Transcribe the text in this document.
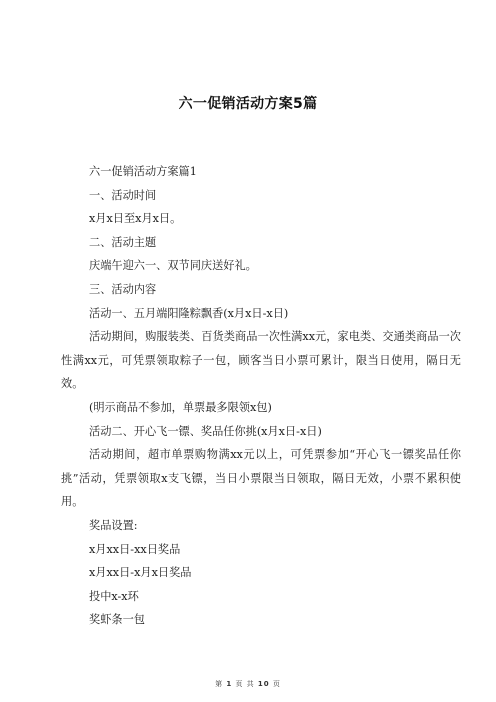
六一促销活动方案5篇

六一促销活动方案篇1

一、活动时间

x月x日至x月x日。

二、活动主题

庆端午迎六一、双节同庆送好礼。

三、活动内容

活动一、五月端阳隆粽飘香(x月x日-x日)

活动期间，购服装类、百货类商品一次性满xx元，家电类、交通类商品一次性满xx元，可凭票领取粽子一包，顾客当日小票可累计，限当日使用，隔日无效。

(明示商品不参加，单票最多限领x包)

活动二、开心飞一镖、奖品任你挑(x月x日-x日)

活动期间，超市单票购物满xx元以上，可凭票参加“开心飞一镖奖品任你挑”活动，凭票领取x支飞镖，当日小票限当日领取，隔日无效，小票不累积使用。

奖品设置:

x月xx日-xx日奖品

x月xx日-x月x日奖品

投中x-x环

奖虾条一包

第 1 页 共 10 页
